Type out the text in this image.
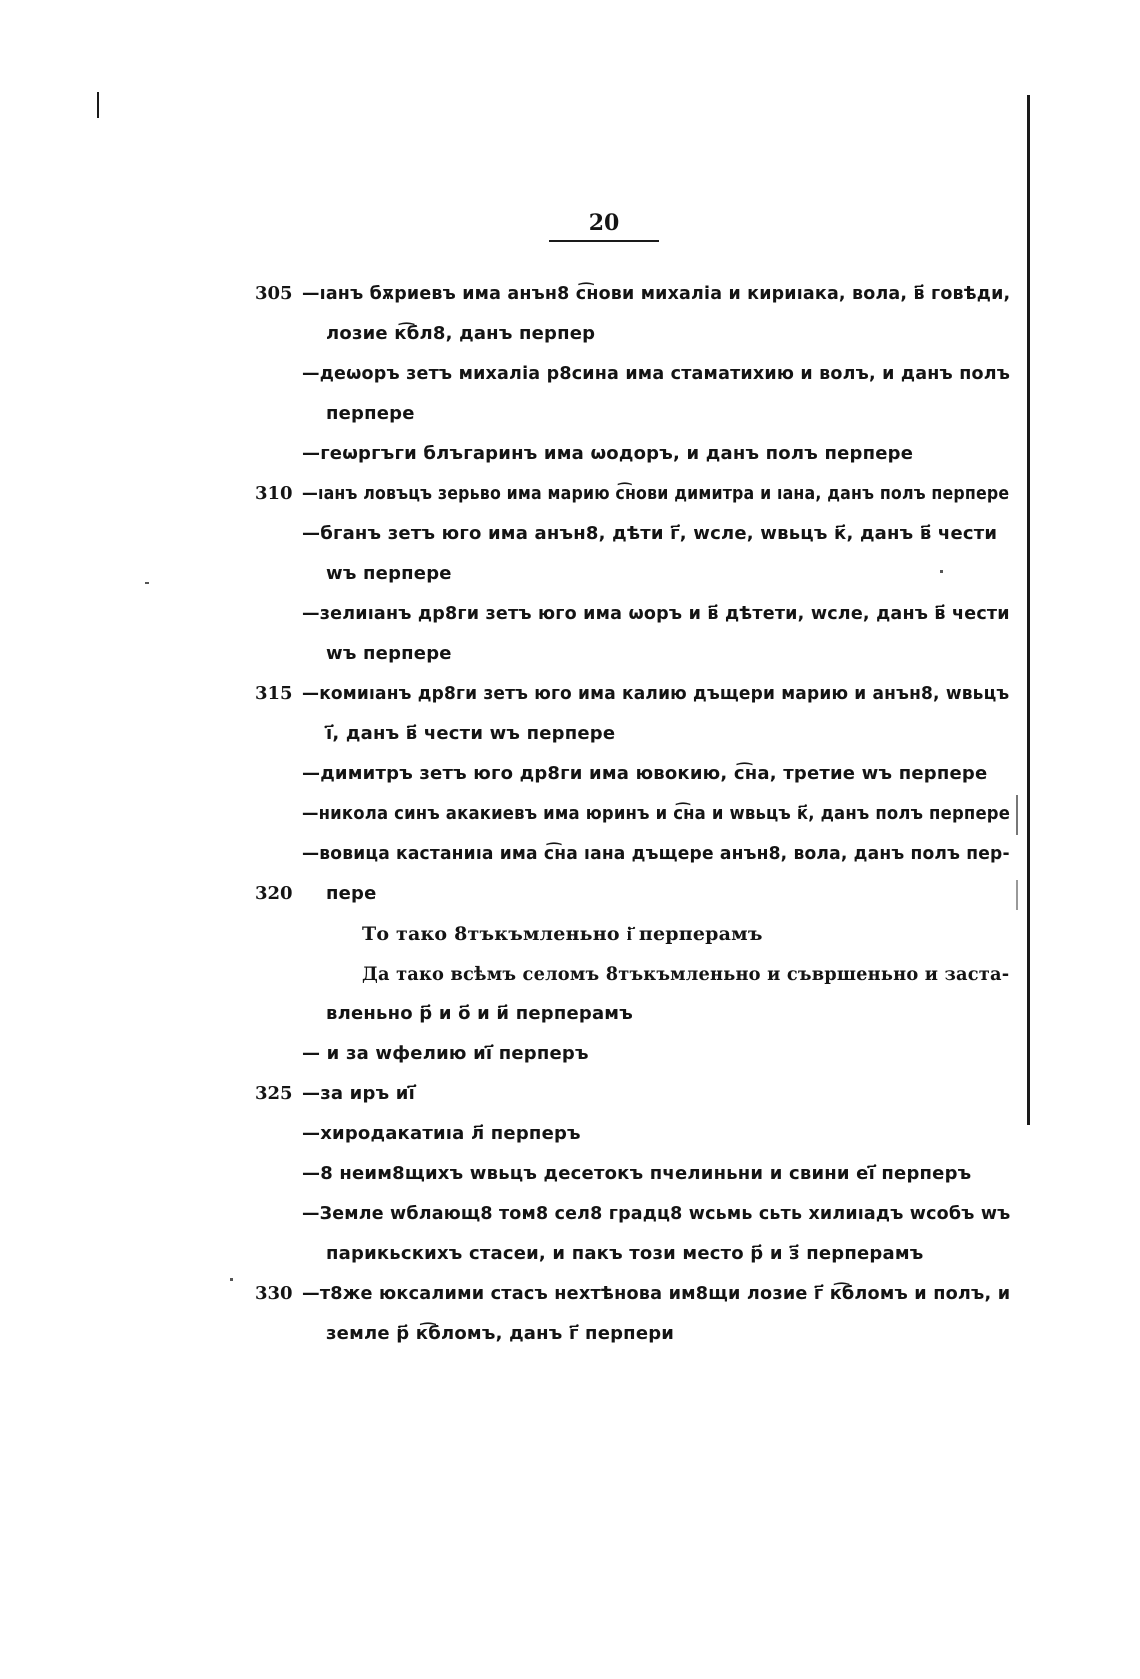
20
305 —ıанъ бѫриевъ има анън8 с͡нови михаліа и кириıака, вола, в҃ говѣди,
лозие к͡бл8, данъ перпер
—деωоръ зетъ михаліа р8сина има стаматихию и волъ, и данъ полъ
перпере
—геωргъги блъгаринъ има ωодоръ, и данъ полъ перпере
310 —ıанъ ловъцъ зерьво има марию с͡нови димитра и ıана, данъ полъ перпере
—бганъ зетъ юго има анън8, дѣти г҃, wсле, wвьцъ к҃, данъ в҃ чести
wъ перпере
—зелиıанъ др8ги зетъ юго има ωоръ и в҃ дѣтети, wсле, данъ в҃ чести
wъ перпере
315 —комиıанъ др8ги зетъ юго има калию дъщери марию и анън8, wвьцъ
і҃, данъ в҃ чести wъ перпере
—димитръ зетъ юго др8ги има ювокию, с͡на, третие wъ перпере
—никола синъ акакиевъ има юринъ и с͡на и wвьцъ к҃, данъ полъ перпере
—вовица кастаниıа има с͡на ıана дъщере анън8, вола, данъ полъ пер-
320 пере
То тако 8тъкъмленьно і҃ перперамъ
Да тако всѣмъ селомъ 8тъкъмленьно и съвршеньно и заста-
вленьно р҃ и о҃ и и҃ перперамъ
— и за wфелию иі҃ перперъ
325 —за иръ иі҃
—хиродакатиıа л҃ перперъ
—8 неим8щихъ wвьцъ десетокъ пчелиньни и свини еі҃ перперъ
—Земле wблающ8 том8 сел8 градц8 wсьмь сьть хилиıадъ wсобъ wъ
парикьскихъ стасеи, и пакъ този место р҃ и з҃ перперамъ
330 —т8же юксалими стасъ нехтѣнова им8щи лозие г҃ к͡бломъ и полъ, и
земле р҃ к͡бломъ, данъ г҃ перпери
